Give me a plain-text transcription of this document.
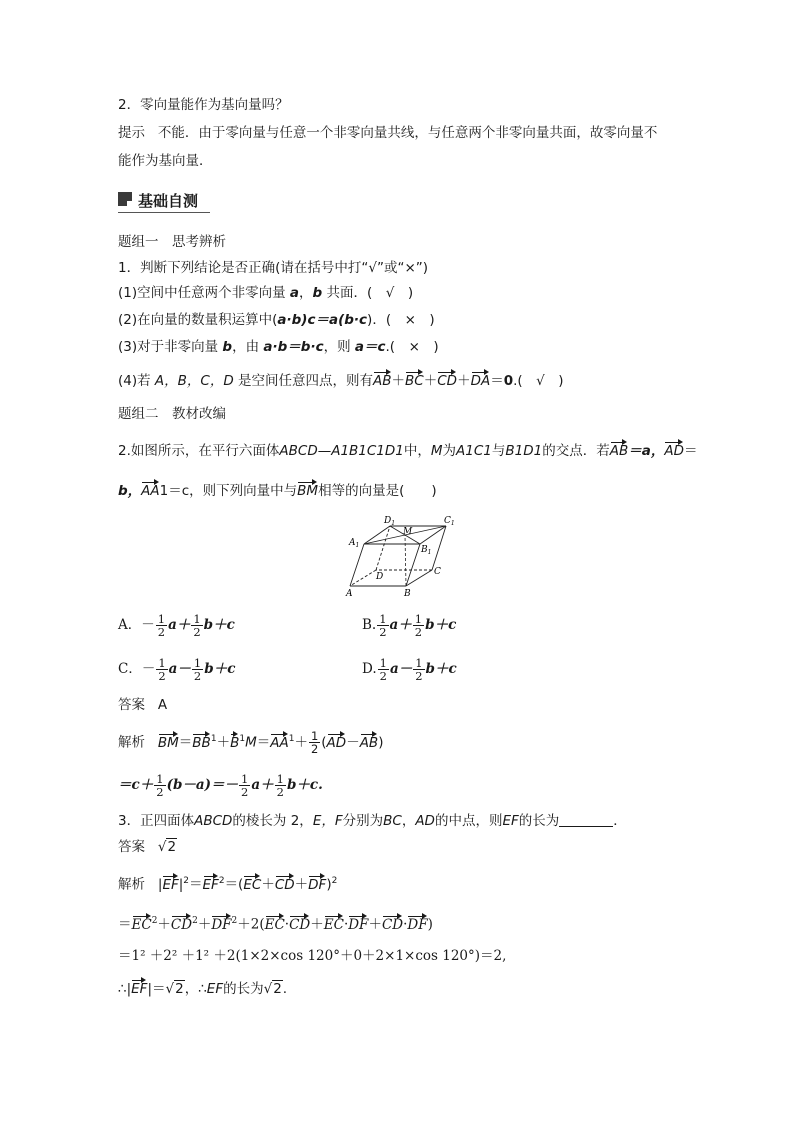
2．零向量能作为基向量吗？
提示 不能．由于零向量与任意一个非零向量共线，与任意两个非零向量共面，故零向量不
能作为基向量．
基础自测
题组一　思考辨析
1．判断下列结论是否正确(请在括号中打“√”或“×”)
(1)空间中任意两个非零向量 a，b 共面．(　√　)
(2)在向量的数量积运算中(a·b)c＝a(b·c)．(　×　)
(3)对于非零向量 b，由 a·b＝b·c，则 a＝c.(　×　)
(4)若 A，B，C，D 是空间任意四点，则有AB＋BC＋CD＋DA＝0.(　√　)
题组二　教材改编
2.如图所示，在平行六面体ABCD—A1B1C1D1中，M为A1C1与B1D1的交点．若AB＝a，AD＝
b，AA1＝c，则下列向量中与BM相等的向量是(　　)
$D_1$	$C_1$
$A_1$	$B_1$
M
D	C
A	B
A．－ $\frac{1}{2} a+ \frac{1}{2} b+c$	B. $\frac{1}{2} a+ \frac{1}{2} b+c$
C．－ $\frac{1}{2} a- \frac{1}{2} b+c$	D. $\frac{1}{2} a- \frac{1}{2} b+c$
答案 A
解析 $BM=BB^1+B^1M=AA^1+ \frac{1}{2} (AD-AB)$
$=c+ \frac{1}{2} (b-a)=- \frac{1}{2} a+ \frac{1}{2} b+c$.
3．正四面体ABCD的棱长为 2，E，F分别为BC，AD的中点，则EF的长为	．
答案 √2
解析 $|EF|^2=EF^2=(EC+CD+DF)^2$
$=EC^2+CD^2+DF^2+2(EC\cdot CD+EC\cdot DF+CD\cdot DF)$
＝1² ＋2² ＋1² ＋2(1×2×cos 120°＋0＋2×1×cos 120°)＝2,
∴|EF|＝√2，∴EF的长为√2.
